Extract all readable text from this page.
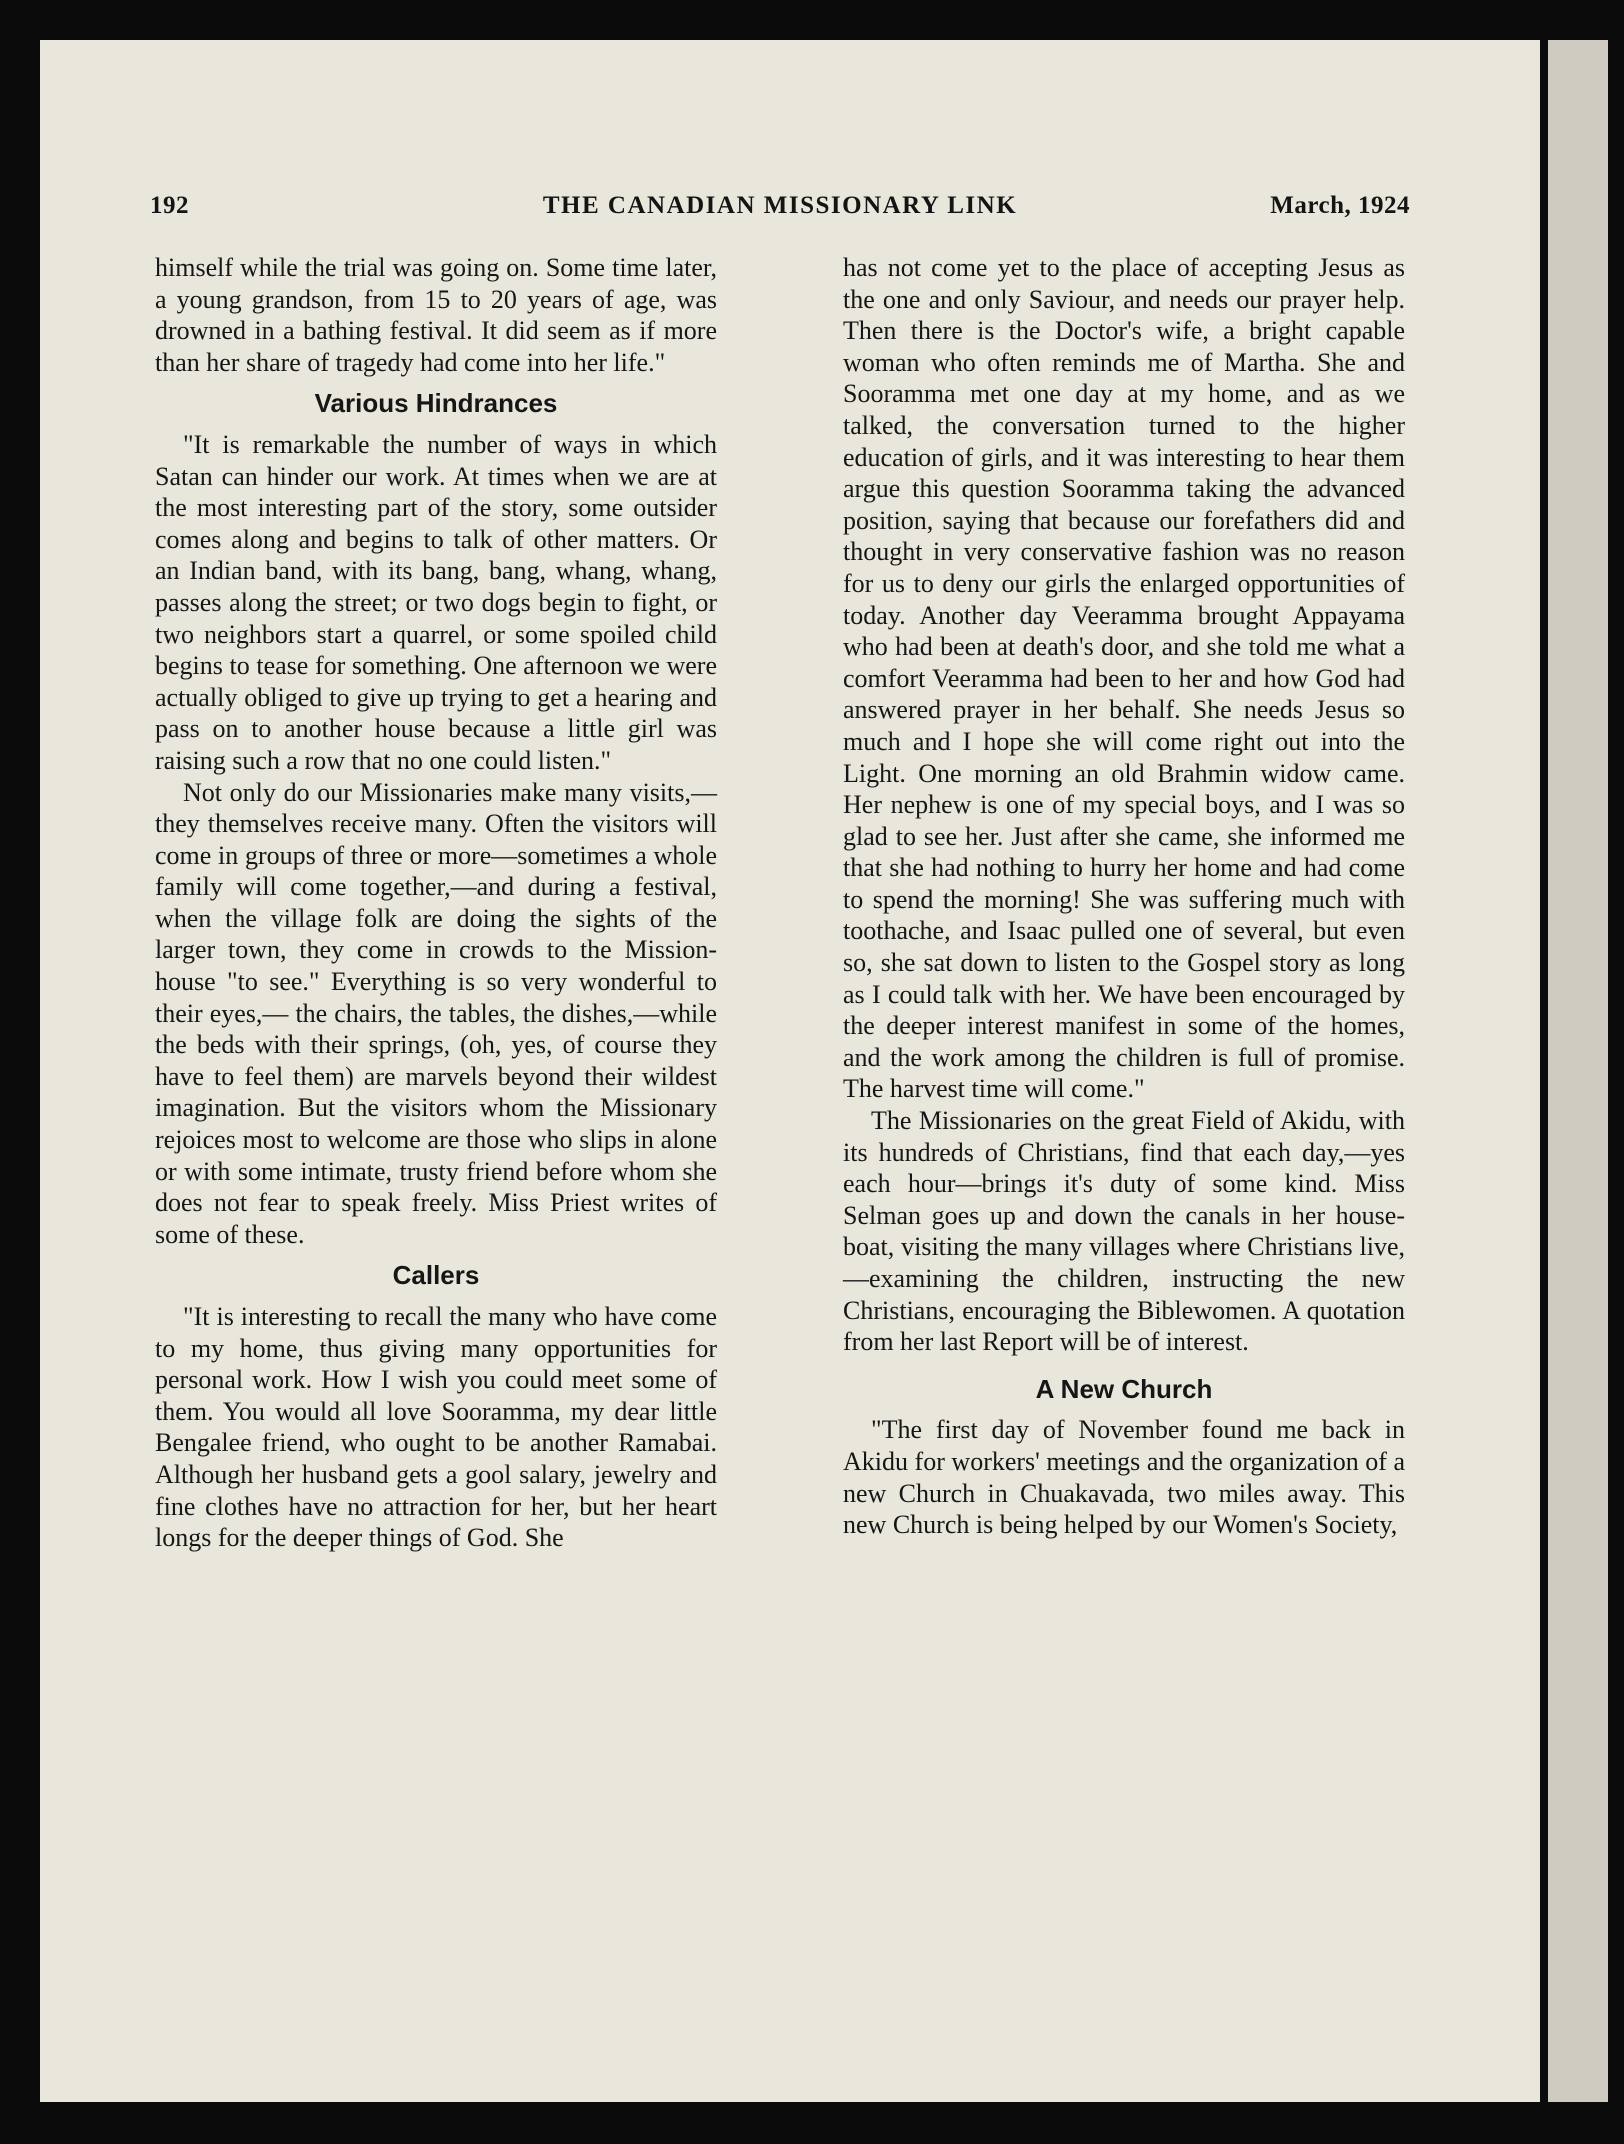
192	THE CANADIAN MISSIONARY LINK	March, 1924

himself while the trial was going on. Some time later, a young grandson, from 15 to 20 years of age, was drowned in a bathing festival. It did seem as if more than her share of tragedy had come into her life."

Various Hindrances

"It is remarkable the number of ways in which Satan can hinder our work. At times when we are at the most interesting part of the story, some outsider comes along and begins to talk of other matters. Or an Indian band, with its bang, bang, whang, whang, passes along the street; or two dogs begin to fight, or two neighbors start a quarrel, or some spoiled child begins to tease for something. One afternoon we were actually obliged to give up trying to get a hearing and pass on to another house because a little girl was raising such a row that no one could listen."

Not only do our Missionaries make many visits,—they themselves receive many. Often the visitors will come in groups of three or more—sometimes a whole family will come together,—and during a festival, when the village folk are doing the sights of the larger town, they come in crowds to the Mission-house "to see." Everything is so very wonderful to their eyes,— the chairs, the tables, the dishes,—while the beds with their springs, (oh, yes, of course they have to feel them) are marvels beyond their wildest imagination. But the visitors whom the Missionary rejoices most to welcome are those who slips in alone or with some intimate, trusty friend before whom she does not fear to speak freely. Miss Priest writes of some of these.

Callers

"It is interesting to recall the many who have come to my home, thus giving many opportunities for personal work. How I wish you could meet some of them. You would all love Sooramma, my dear little Bengalee friend, who ought to be another Ramabai. Although her husband gets a gool salary, jewelry and fine clothes have no attraction for her, but her heart longs for the deeper things of God. She

has not come yet to the place of accepting Jesus as the one and only Saviour, and needs our prayer help. Then there is the Doctor's wife, a bright capable woman who often reminds me of Martha. She and Sooramma met one day at my home, and as we talked, the conversation turned to the higher education of girls, and it was interesting to hear them argue this question Sooramma taking the advanced position, saying that because our forefathers did and thought in very conservative fashion was no reason for us to deny our girls the enlarged opportunities of today. Another day Veeramma brought Appayama who had been at death's door, and she told me what a comfort Veeramma had been to her and how God had answered prayer in her behalf. She needs Jesus so much and I hope she will come right out into the Light. One morning an old Brahmin widow came. Her nephew is one of my special boys, and I was so glad to see her. Just after she came, she informed me that she had nothing to hurry her home and had come to spend the morning! She was suffering much with toothache, and Isaac pulled one of several, but even so, she sat down to listen to the Gospel story as long as I could talk with her. We have been encouraged by the deeper interest manifest in some of the homes, and the work among the children is full of promise. The harvest time will come."

The Missionaries on the great Field of Akidu, with its hundreds of Christians, find that each day,—yes each hour—brings it's duty of some kind. Miss Selman goes up and down the canals in her house-boat, visiting the many villages where Christians live,—examining the children, instructing the new Christians, encouraging the Biblewomen. A quotation from her last Report will be of interest.

A New Church

"The first day of November found me back in Akidu for workers' meetings and the organization of a new Church in Chuakavada, two miles away. This new Church is being helped by our Women's Society,
